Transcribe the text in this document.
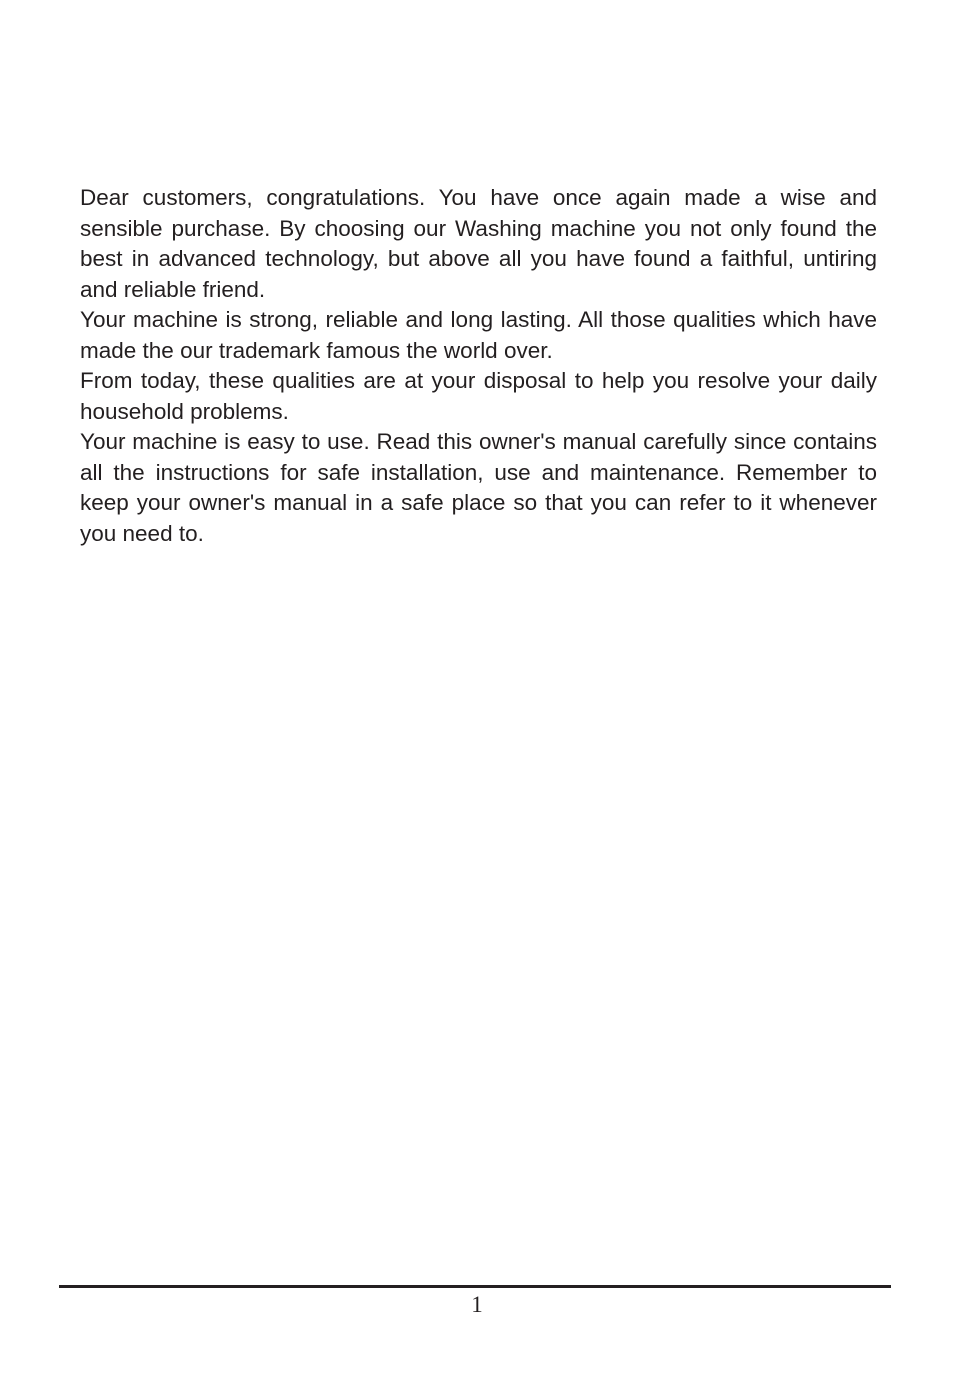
Dear customers, congratulations. You have once again made a wise and sensible purchase. By choosing our Washing machine you not only found the best in advanced technology, but above all you have found a faithful, untiring and reliable friend.

Your machine is strong, reliable and long lasting. All those qualities which have made the our trademark famous the world over.

From today, these qualities are at your disposal to help you resolve your daily household problems.

Your machine is easy to use. Read this owner's manual carefully since contains all the instructions for safe installation, use and maintenance. Remember to keep your owner's manual in a safe place so that you can refer to it whenever you need to.

1
